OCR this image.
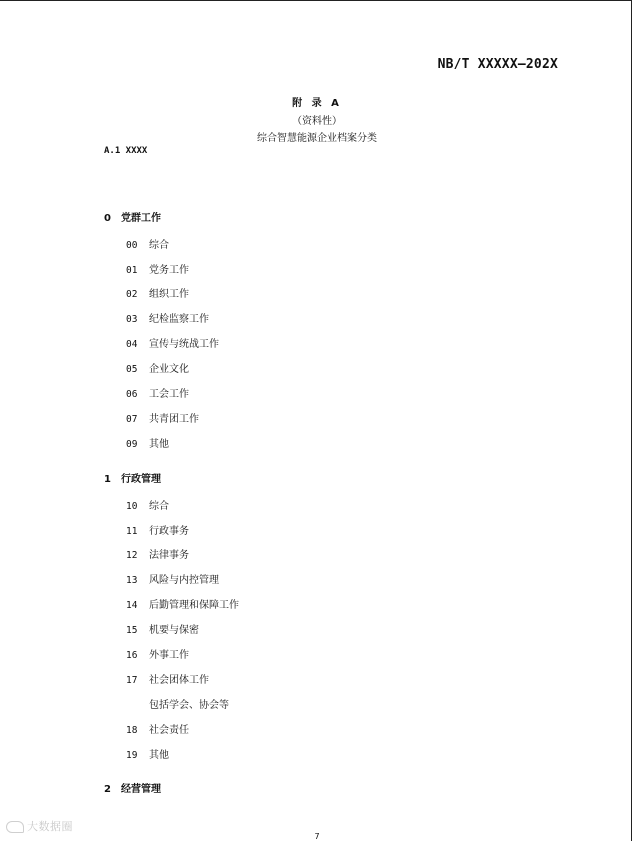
NB/T XXXXX—202X
附 录 A
（资料性）
综合智慧能源企业档案分类
A.1 XXXX
0 党群工作
00 综合
01 党务工作
02 组织工作
03 纪检监察工作
04 宣传与统战工作
05 企业文化
06 工会工作
07 共青团工作
09 其他
1 行政管理
10 综合
11 行政事务
12 法律事务
13 风险与内控管理
14 后勤管理和保障工作
15 机要与保密
16 外事工作
17 社会团体工作
包括学会、协会等
18 社会责任
19 其他
2 经营管理
大数据圈
7
